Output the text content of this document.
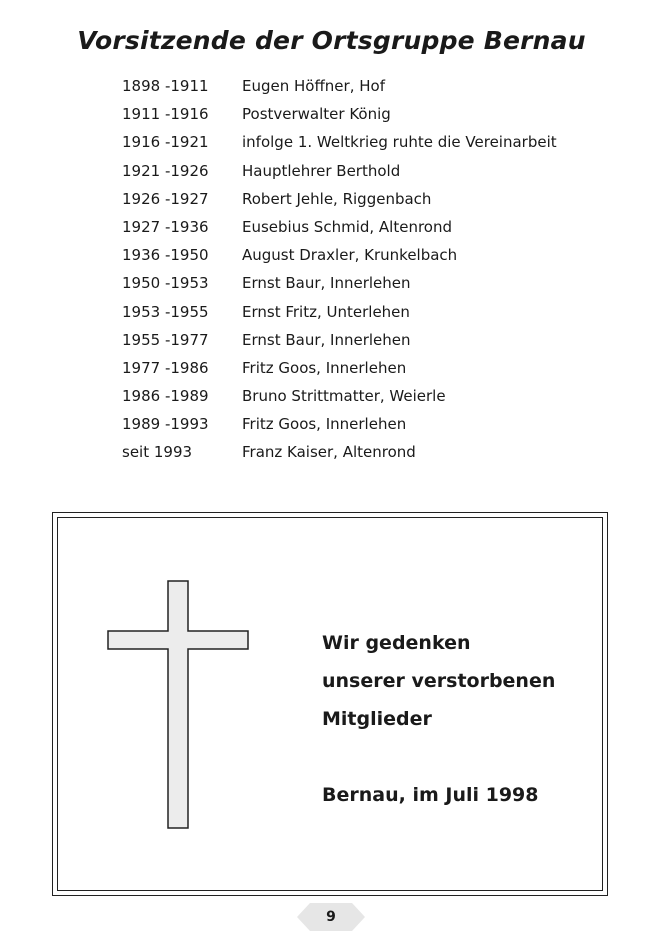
Vorsitzende der Ortsgruppe Bernau
1898 -1911 Eugen Höffner, Hof
1911 -1916 Postverwalter König
1916 -1921 infolge 1. Weltkrieg ruhte die Vereinarbeit
1921 -1926 Hauptlehrer Berthold
1926 -1927 Robert Jehle, Riggenbach
1927 -1936 Eusebius Schmid, Altenrond
1936 -1950 August Draxler, Krunkelbach
1950 -1953 Ernst Baur, Innerlehen
1953 -1955 Ernst Fritz, Unterlehen
1955 -1977 Ernst Baur, Innerlehen
1977 -1986 Fritz Goos, Innerlehen
1986 -1989 Bruno Strittmatter, Weierle
1989 -1993 Fritz Goos, Innerlehen
seit 1993	Franz Kaiser, Altenrond
Wir gedenken
unserer verstorbenen
Mitglieder
Bernau, im Juli 1998
9
